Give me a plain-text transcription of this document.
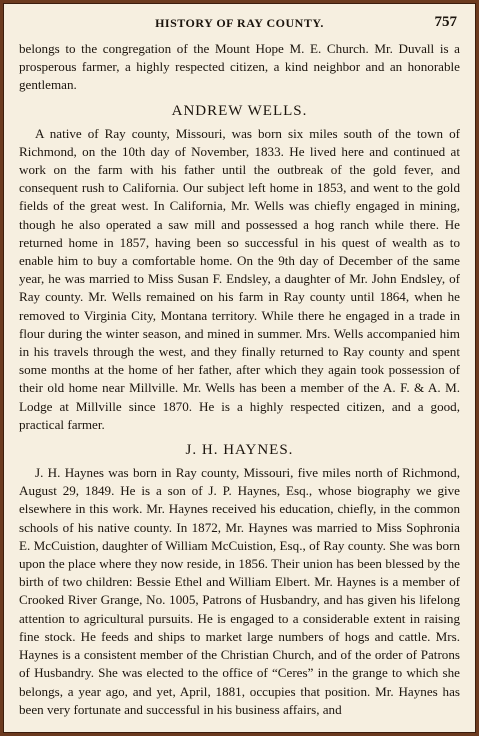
HISTORY OF RAY COUNTY.	757

belongs to the congregation of the Mount Hope M. E. Church. Mr. Duvall is a prosperous farmer, a highly respected citizen, a kind neighbor and an honorable gentleman.

ANDREW WELLS.

A native of Ray county, Missouri, was born six miles south of the town of Richmond, on the 10th day of November, 1833. He lived here and continued at work on the farm with his father until the outbreak of the gold fever, and consequent rush to California. Our subject left home in 1853, and went to the gold fields of the great west. In California, Mr. Wells was chiefly engaged in mining, though he also operated a saw mill and possessed a hog ranch while there. He returned home in 1857, having been so successful in his quest of wealth as to enable him to buy a comfortable home. On the 9th day of December of the same year, he was married to Miss Susan F. Endsley, a daughter of Mr. John Endsley, of Ray county. Mr. Wells remained on his farm in Ray county until 1864, when he removed to Virginia City, Montana territory. While there he engaged in a trade in flour during the winter season, and mined in summer. Mrs. Wells accompanied him in his travels through the west, and they finally returned to Ray county and spent some months at the home of her father, after which they again took possession of their old home near Millville. Mr. Wells has been a member of the A. F. & A. M. Lodge at Millville since 1870. He is a highly respected citizen, and a good, practical farmer.

J. H. HAYNES.

J. H. Haynes was born in Ray county, Missouri, five miles north of Richmond, August 29, 1849. He is a son of J. P. Haynes, Esq., whose biography we give elsewhere in this work. Mr. Haynes received his education, chiefly, in the common schools of his native county. In 1872, Mr. Haynes was married to Miss Sophronia E. McCuistion, daughter of William McCuistion, Esq., of Ray county. She was born upon the place where they now reside, in 1856. Their union has been blessed by the birth of two children: Bessie Ethel and William Elbert. Mr. Haynes is a member of Crooked River Grange, No. 1005, Patrons of Husbandry, and has given his lifelong attention to agricultural pursuits. He is engaged to a considerable extent in raising fine stock. He feeds and ships to market large numbers of hogs and cattle. Mrs. Haynes is a consistent member of the Christian Church, and of the order of Patrons of Husbandry. She was elected to the office of “Ceres” in the grange to which she belongs, a year ago, and yet, April, 1881, occupies that position. Mr. Haynes has been very fortunate and successful in his business affairs, and
